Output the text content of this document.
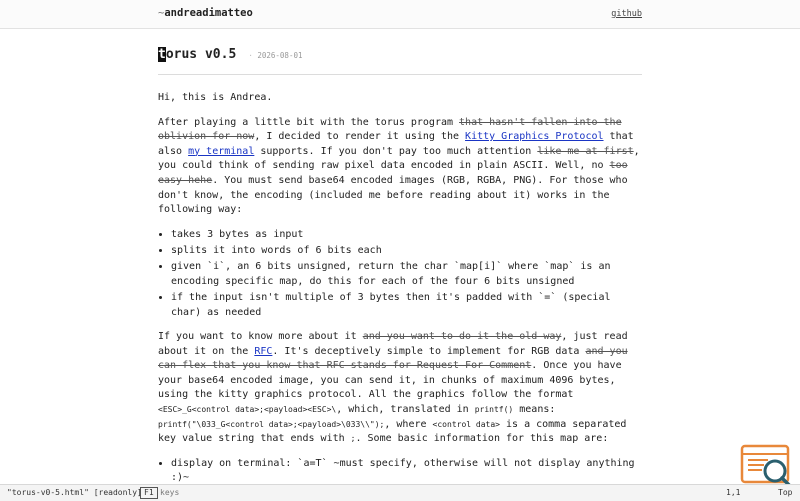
~andreadimatteo	github
torus v0.5 · 2026-08-01

Hi, this is Andrea.

After playing a little bit with the torus program that hasn't fallen into the oblivion for now, I decided to render it using the Kitty Graphics Protocol that also my terminal supports. If you don't pay too much attention like me at first, you could think of sending raw pixel data encoded in plain ASCII. Well, no too easy hehe. You must send base64 encoded images (RGB, RGBA, PNG). For those who don't know, the encoding (included me before reading about it) works in the following way:

• takes 3 bytes as input
• splits it into words of 6 bits each
• given `i`, an 6 bits unsigned, return the char `map[i]` where `map` is an encoding specific map, do this for each of the four 6 bits unsigned
• if the input isn't multiple of 3 bytes then it's padded with `=` (special char) as needed

If you want to know more about it and you want to do it the old way, just read about it on the RFC. It's deceptively simple to implement for RGB data and you can flex that you know that RFC stands for Request For Comment. Once you have your base64 encoded image, you can send it, in chunks of maximum 4096 bytes, using the kitty graphics protocol. All the graphics follow the format <ESC>_G<control data>;<payload><ESC>\, which, translated in printf() means: printf("\033_G<control data>;<payload>\033\\");, where <control data> is a comma separated key value string that ends with ;. Some basic information for this map are:

• display on terminal: `a=T` ~must specify, otherwise will not display anything :)~
"torus-v0-5.html" [readonly] F1 keys	1,1	Top
